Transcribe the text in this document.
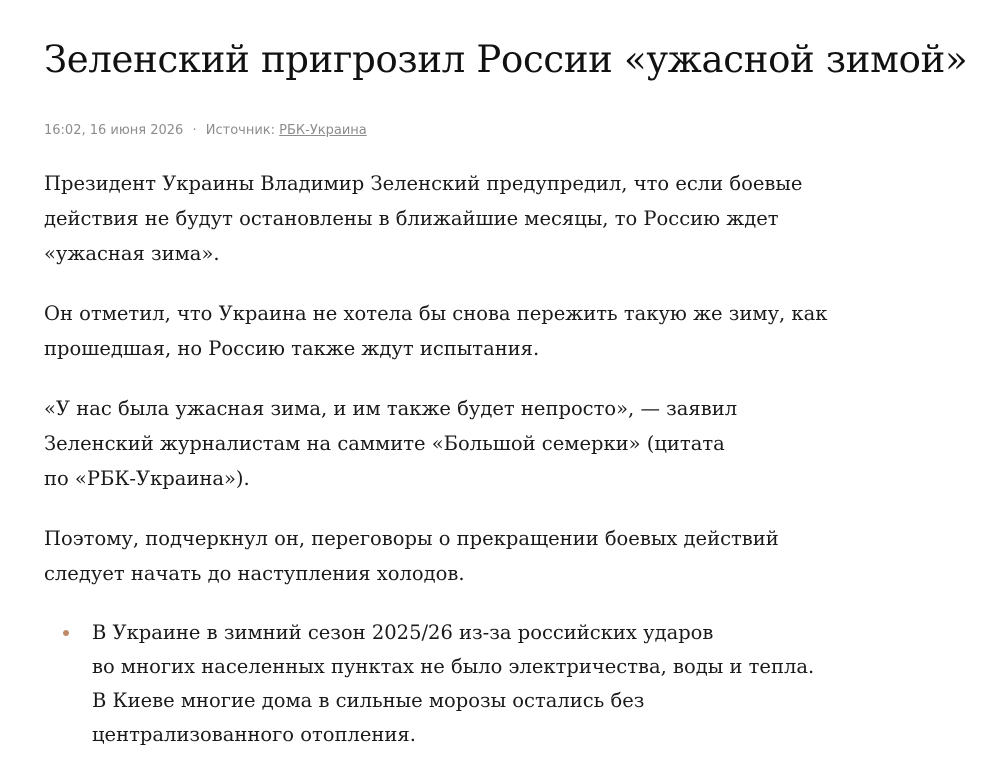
Зеленский пригрозил России «ужасной зимой»
16:02, 16 июня 2026 · Источник: РБК-Украина

Президент Украины Владимир Зеленский предупредил, что если боевые
действия не будут остановлены в ближайшие месяцы, то Россию ждет
«ужасная зима».

Он отметил, что Украина не хотела бы снова пережить такую же зиму, как
прошедшая, но Россию также ждут испытания.

«У нас была ужасная зима, и им также будет непросто», — заявил
Зеленский журналистам на саммите «Большой семерки» (цитата
по «РБК-Украина»).

Поэтому, подчеркнул он, переговоры о прекращении боевых действий
следует начать до наступления холодов.

В Украине в зимний сезон 2025/26 из-за российских ударов
во многих населенных пунктах не было электричества, воды и тепла.
В Киеве многие дома в сильные морозы остались без
централизованного отопления.
